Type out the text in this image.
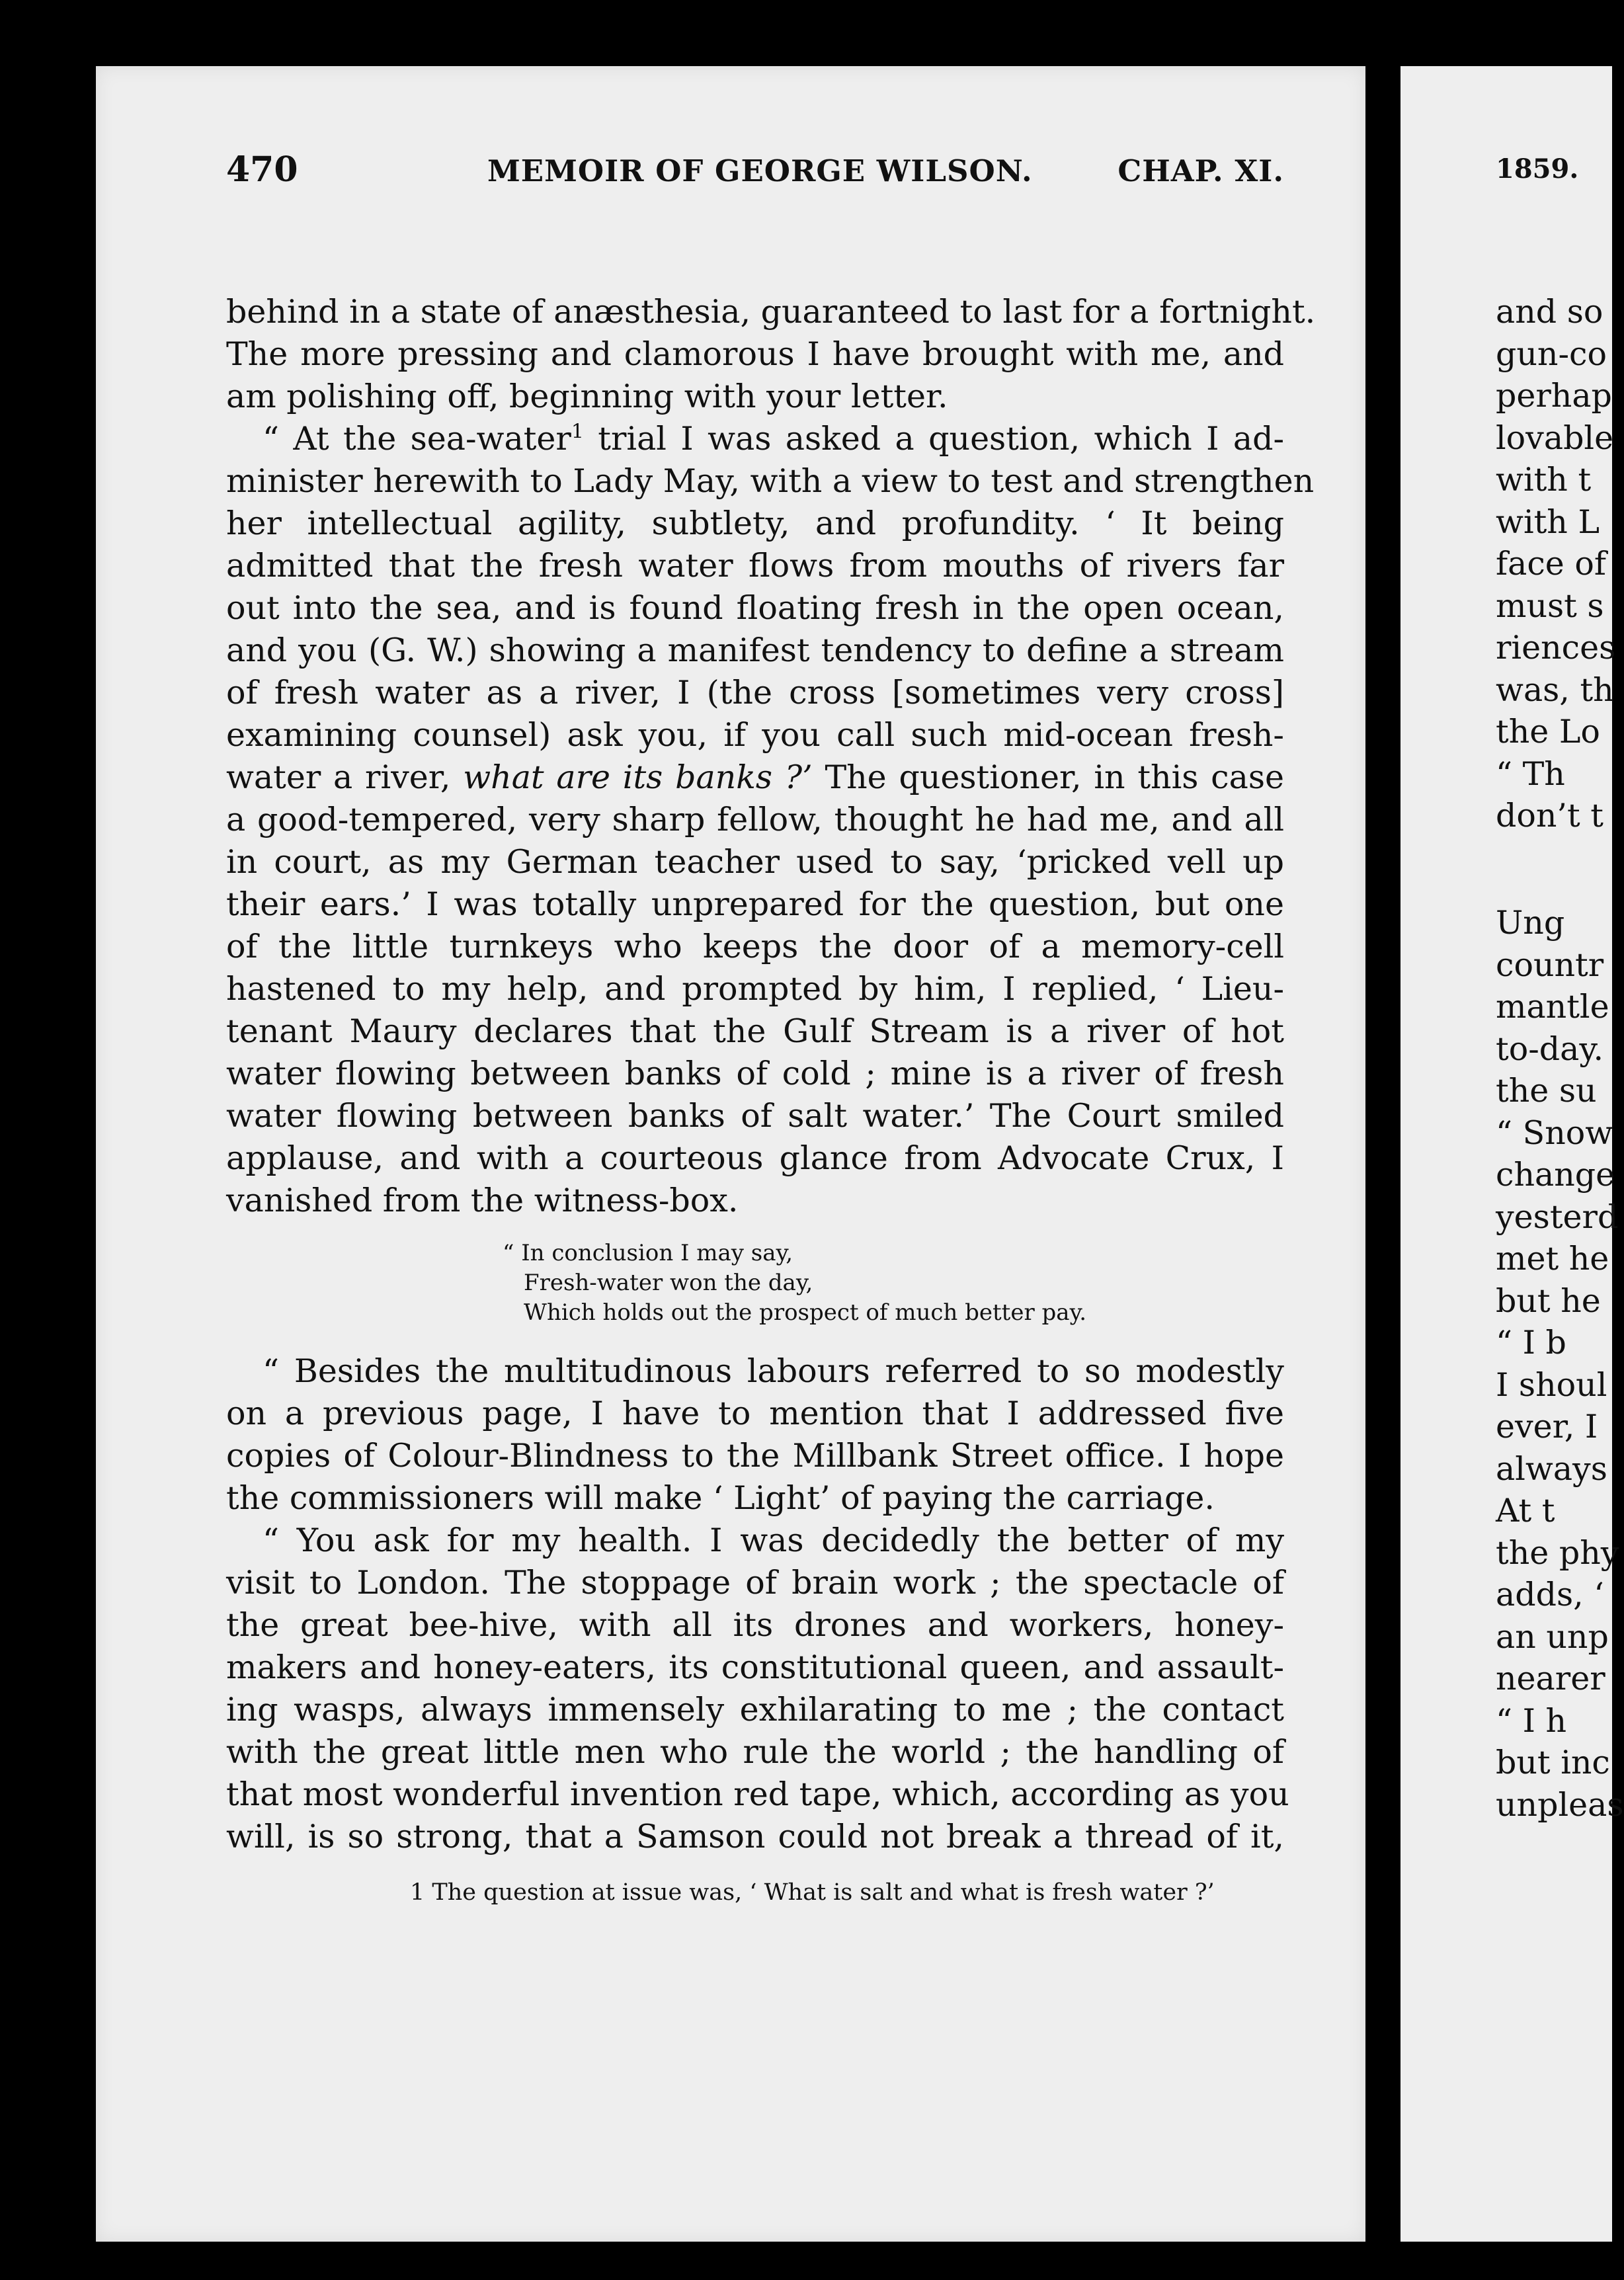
470	MEMOIR OF GEORGE WILSON.	CHAP. XI.
behind in a state of anæsthesia, guaranteed to last for a fortnight.
The more pressing and clamorous I have brought with me, and
am polishing off, beginning with your letter.
“ At the sea-water$^1$ trial I was asked a question, which I ad-
minister herewith to Lady May, with a view to test and strengthen
her intellectual agility, subtlety, and profundity. ‘ It being
admitted that the fresh water flows from mouths of rivers far
out into the sea, and is found floating fresh in the open ocean,
and you (G. W.) showing a manifest tendency to define a stream
of fresh water as a river, I (the cross [sometimes very cross]
examining counsel) ask you, if you call such mid-ocean fresh-
water a river, what are its banks ?’ The questioner, in this case
a good-tempered, very sharp fellow, thought he had me, and all
in court, as my German teacher used to say, ‘pricked vell up
their ears.’ I was totally unprepared for the question, but one
of the little turnkeys who keeps the door of a memory-cell
hastened to my help, and prompted by him, I replied, ‘ Lieu-
tenant Maury declares that the Gulf Stream is a river of hot
water flowing between banks of cold ; mine is a river of fresh
water flowing between banks of salt water.’ The Court smiled
applause, and with a courteous glance from Advocate Crux, I
vanished from the witness-box.
“ In conclusion I may say,
Fresh-water won the day,
Which holds out the prospect of much better pay.
“ Besides the multitudinous labours referred to so modestly
on a previous page, I have to mention that I addressed five
copies of Colour-Blindness to the Millbank Street office. I hope
the commissioners will make ‘ Light’ of paying the carriage.
“ You ask for my health. I was decidedly the better of my
visit to London. The stoppage of brain work ; the spectacle of
the great bee-hive, with all its drones and workers, honey-
makers and honey-eaters, its constitutional queen, and assault-
ing wasps, always immensely exhilarating to me ; the contact
with the great little men who rule the world ; the handling of
that most wonderful invention red tape, which, according as you
will, is so strong, that a Samson could not break a thread of it,
1 The question at issue was, ‘ What is salt and what is fresh water ?’
1859.
and so
gun-co
perhap
lovable
with t
with L
face of
must s
riences
was, th
the Lo
“ Th
don’t t
Ung
countr
mantle
to-day.
the su
“ Snow
change
yesterd
met he
but he
“ I b
I shoul
ever, I
always
At t
the phy
adds, ‘
an unp
nearer
“ I h
but inc
unpleas
